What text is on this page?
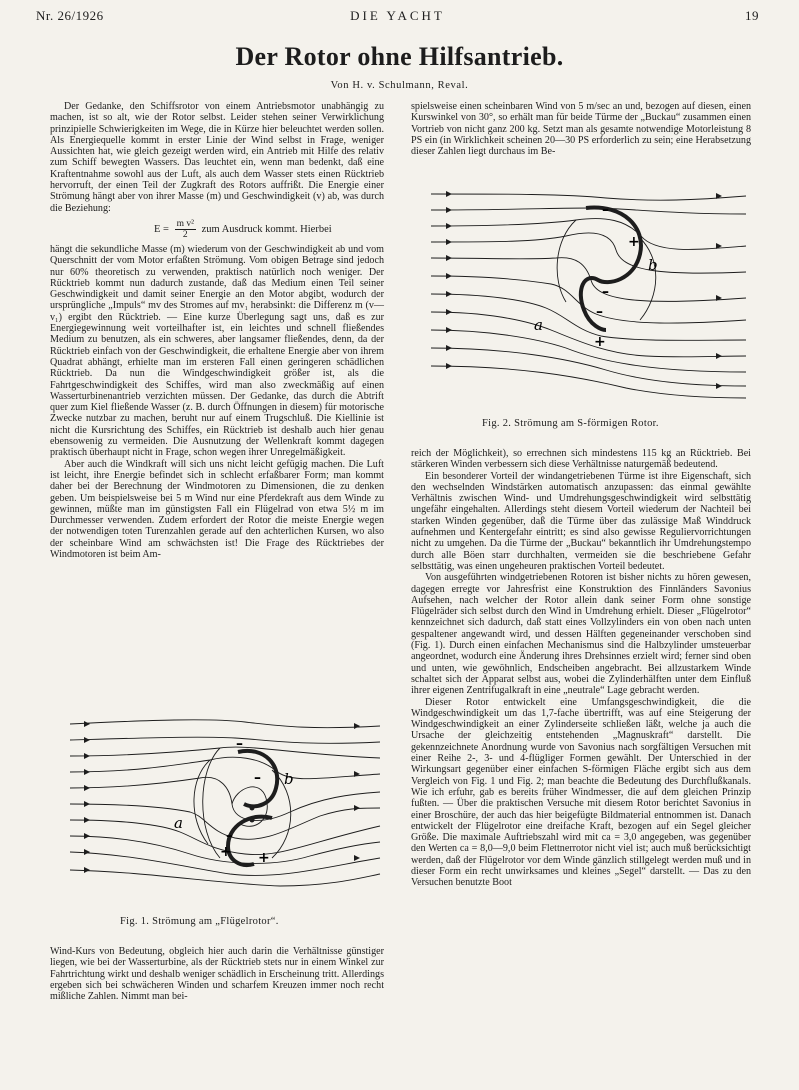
Nr. 26/1926	DIE YACHT	19
Der Rotor ohne Hilfsantrieb.
Von H. v. Schulmann, Reval.

Der Gedanke, den Schiffsrotor von einem Antriebsmotor unabhängig zu machen, ist so alt, wie der Rotor selbst. Leider stehen seiner Verwirklichung prinzipielle Schwierigkeiten im Wege, die in Kürze hier beleuchtet werden sollen. Als Energiequelle kommt in erster Linie der Wind selbst in Frage, weniger Aussichten hat, wie gleich gezeigt werden wird, ein Antrieb mit Hilfe des relativ zum Schiff bewegten Wassers. Das leuchtet ein, wenn man bedenkt, daß eine Kraftentnahme sowohl aus der Luft, als auch dem Wasser stets einen Rücktrieb hervorruft, der einen Teil der Zugkraft des Rotors auffrißt. Die Energie einer Strömung hängt aber von ihrer Masse (m) und Geschwindigkeit (v) ab, was durch die Beziehung:

$E = \frac{\text{m v²}}{2}$ zum Ausdruck kommt. Hierbei

hängt die sekundliche Masse (m) wiederum von der Geschwindigkeit ab und vom Querschnitt der vom Motor erfaßten Strömung. Vom obigen Betrage sind jedoch nur 60% theoretisch zu verwenden, praktisch natürlich noch weniger. Der Rücktrieb kommt nun dadurch zustande, daß das Medium einen Teil seiner Geschwindigkeit und damit seiner Energie an den Motor abgibt, wodurch der ursprüngliche „Impuls“ mv des Stromes auf mv₁ herabsinkt: die Differenz m (v—v₁) ergibt den Rücktrieb. — Eine kurze Überlegung sagt uns, daß es zur Energiegewinnung weit vorteilhafter ist, ein leichtes und schnell fließendes Medium zu benutzen, als ein schweres, aber langsamer fließendes, denn, da der Rücktrieb einfach von der Geschwindigkeit, die erhaltene Energie aber von ihrem Quadrat abhängt, erhielte man im ersteren Fall einen geringeren schädlichen Rücktrieb. Da nun die Windgeschwindigkeit größer ist, als die Fahrtgeschwindigkeit des Schiffes, wird man also zweckmäßig auf einen Wasserturbinenantrieb verzichten müssen. Der Gedanke, das durch die Abtrift quer zum Kiel fließende Wasser (z. B. durch Öffnungen in diesem) für motorische Zwecke nutzbar zu machen, beruht nur auf einem Trugschluß. Die Kiellinie ist nicht die Kursrichtung des Schiffes, ein Rücktrieb ist deshalb auch hier genau ebensowenig zu vermeiden. Die Ausnutzung der Wellenkraft kommt dagegen praktisch überhaupt nicht in Frage, schon wegen ihrer Unregelmäßigkeit.

Aber auch die Windkraft will sich uns nicht leicht gefügig machen. Die Luft ist leicht, ihre Energie befindet sich in schlecht erfaßbarer Form; man kommt daher bei der Berechnung der Windmotoren zu Dimensionen, die zu denken geben. Um beispielsweise bei 5 m Wind nur eine Pferdekraft aus dem Winde zu gewinnen, müßte man im günstigsten Fall ein Flügelrad von etwa 5½ m im Durchmesser verwenden. Zudem erfordert der Rotor die meiste Energie wegen der notwendigen toten Turenzahlen gerade auf den achterlichen Kursen, wo also der scheinbare Wind am schwächsten ist! Die Frage des Rücktriebes der Windmotoren ist beim Am-

a
b
–
–
–
+ +
Fig. 1. Strömung am „Flügelrotor“.

Wind-Kurs von Bedeutung, obgleich hier auch darin die Verhältnisse günstiger liegen, wie bei der Wasserturbine, als der Rücktrieb stets nur in einem Winkel zur Fahrtrichtung wirkt und deshalb weniger schädlich in Erscheinung tritt. Allerdings ergeben sich bei schwächeren Winden und scharfem Kreuzen immer noch recht mißliche Zahlen. Nimmt man bei-

spielsweise einen scheinbaren Wind von 5 m/sec an und, bezogen auf diesen, einen Kurswinkel von 30°, so erhält man für beide Türme der „Buckau“ zusammen einen Vortrieb von nicht ganz 200 kg. Setzt man als gesamte notwendige Motorleistung 8 PS ein (in Wirklichkeit scheinen 20—30 PS erforderlich zu sein; eine Herabsetzung dieser Zahlen liegt durchaus im Be-

a
b
–
–
–
+
+
Fig. 2. Strömung am S-förmigen Rotor.

reich der Möglichkeit), so errechnen sich mindestens 115 kg an Rücktrieb. Bei stärkeren Winden verbessern sich diese Verhältnisse naturgemäß bedeutend.

Ein besonderer Vorteil der windangetriebenen Türme ist ihre Eigenschaft, sich den wechselnden Windstärken automatisch anzupassen: das einmal gewählte Verhältnis zwischen Wind- und Umdrehungsgeschwindigkeit wird selbsttätig ungefähr eingehalten. Allerdings steht diesem Vorteil wiederum der Nachteil bei starken Winden gegenüber, daß die Türme über das zulässige Maß Winddruck aufnehmen und Kentergefahr eintritt; es sind also gewisse Reguliervorrichtungen nicht zu umgehen. Da die Türme der „Buckau“ bekanntlich ihr Umdrehungstempo durch alle Böen starr durchhalten, vermeiden sie die beschriebene Gefahr selbsttätig, was einen ungeheuren praktischen Vorteil bedeutet.

Von ausgeführten windgetriebenen Rotoren ist bisher nichts zu hören gewesen, dagegen erregte vor Jahresfrist eine Konstruktion des Finnländers Savonius Aufsehen, nach welcher der Rotor allein dank seiner Form ohne sonstige Flügelräder sich selbst durch den Wind in Umdrehung erhielt. Dieser „Flügelrotor“ kennzeichnet sich dadurch, daß statt eines Vollzylinders ein von oben nach unten gespaltener angewandt wird, und dessen Hälften gegeneinander verschoben sind (Fig. 1). Durch einen einfachen Mechanismus sind die Halbzylinder umsteuerbar angeordnet, wodurch eine Änderung ihres Drehsinnes erzielt wird; ferner sind oben und unten, wie gewöhnlich, Endscheiben angebracht. Bei allzustarkem Winde schaltet sich der Apparat selbst aus, wobei die Zylinderhälften unter dem Einfluß ihrer eigenen Zentrifugalkraft in eine „neutrale“ Lage gebracht werden.

Dieser Rotor entwickelt eine Umfangsgeschwindigkeit, die die Windgeschwindigkeit um das 1,7-fache übertrifft, was auf eine Steigerung der Windgeschwindigkeit an einer Zylinderseite schließen läßt, welche ja auch die Ursache der gleichzeitig entstehenden „Magnuskraft“ darstellt. Die gekennzeichnete Anordnung wurde von Savonius nach sorgfältigen Versuchen mit einer Reihe 2-, 3- und 4-flügliger Formen gewählt. Der Unterschied in der Wirkungsart gegenüber einer einfachen S-förmigen Fläche ergibt sich aus dem Vergleich von Fig. 1 und Fig. 2; man beachte die Bedeutung des Durchflußkanals. Wie ich erfuhr, gab es bereits früher Windmesser, die auf dem gleichen Prinzip fußten. — Über die praktischen Versuche mit diesem Rotor berichtet Savonius in einer Broschüre, der auch das hier beigefügte Bildmaterial entnommen ist. Danach entwickelt der Flügelrotor eine dreifache Kraft, bezogen auf ein Segel gleicher Größe. Die maximale Auftriebszahl wird mit ca = 3,0 angegeben, was gegenüber den Werten ca = 8,0—9,0 beim Flettnerrotor nicht viel ist; auch muß berücksichtigt werden, daß der Flügelrotor vor dem Winde gänzlich stillgelegt werden muß und in dieser Form ein recht unwirksames und kleines „Segel“ darstellt. — Das zu den Versuchen benutzte Boot
